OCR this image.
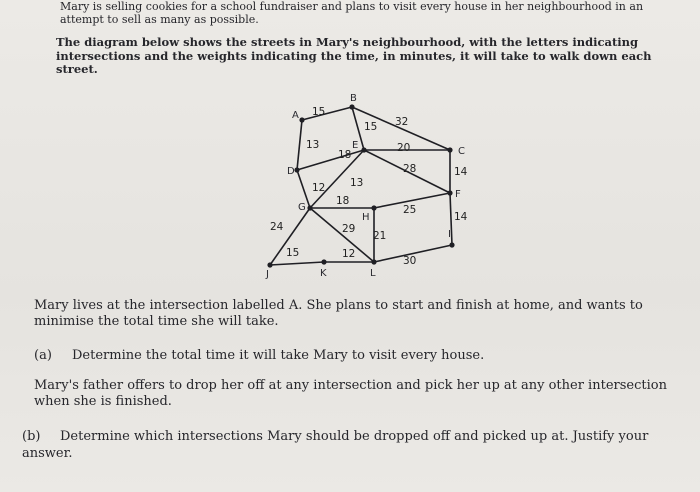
Mary is selling cookies for a school fundraiser and plans to visit every house in her neighbourhood in an attempt to sell as many as possible.

The diagram below shows the streets in Mary's neighbourhood, with the letters indicating intersections and the weights indicating the time, in minutes, it will take to walk down each street.

15
15 32
13
18
20
28	14
12 13
18
25
14
29
21
24
15	12
30
A
B
C
D
E
F
G
H
I
J	K	L

Mary lives at the intersection labelled A. She plans to start and finish at home, and wants to minimise the total time she will take.

(a) Determine the total time it will take Mary to visit every house.

Mary's father offers to drop her off at any intersection and pick her up at any other intersection when she is finished.

(b) Determine which intersections Mary should be dropped off and picked up at. Justify your answer.
